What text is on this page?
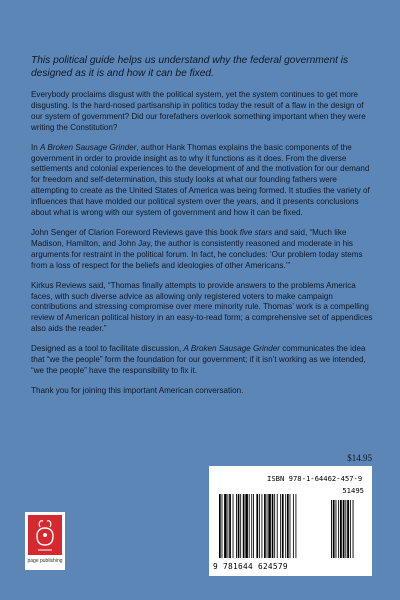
This political guide helps us understand why the federal government is designed as it is and how it can be fixed.

Everybody proclaims disgust with the political system, yet the system continues to get more disgusting. Is the hard-nosed partisanship in politics today the result of a flaw in the design of our system of government? Did our forefathers overlook something important when they were writing the Constitution?

In A Broken Sausage Grinder, author Hank Thomas explains the basic components of the government in order to provide insight as to why it functions as it does. From the diverse settlements and colonial experiences to the development of and the motivation for our demand for freedom and self-determination, this study looks at what our founding fathers were attempting to create as the United States of America was being formed. It studies the variety of influences that have molded our political system over the years, and it presents conclusions about what is wrong with our system of government and how it can be fixed.

John Senger of Clarion Foreword Reviews gave this book five stars and said, “Much like Madison, Hamilton, and John Jay, the author is consistently reasoned and moderate in his arguments for restraint in the political forum. In fact, he concludes: ‘Our problem today stems from a loss of respect for the beliefs and ideologies of other Americans.’”

Kirkus Reviews said, “Thomas finally attempts to provide answers to the problems America faces, with such diverse advice as allowing only registered voters to make campaign contributions and stressing compromise over mere minority rule. Thomas’ work is a compelling review of American political history in an easy-to-read form; a comprehensive set of appendices also aids the reader.”

Designed as a tool to facilitate discussion, A Broken Sausage Grinder communicates the idea that “we the people” form the foundation for our government; if it isn’t working as we intended, “we the people” have the responsibility to fix it.

Thank you for joining this important American conversation.

$14.95
page publishing
ISBN 978-1-64462-457-9
51495
9 781644 624579
